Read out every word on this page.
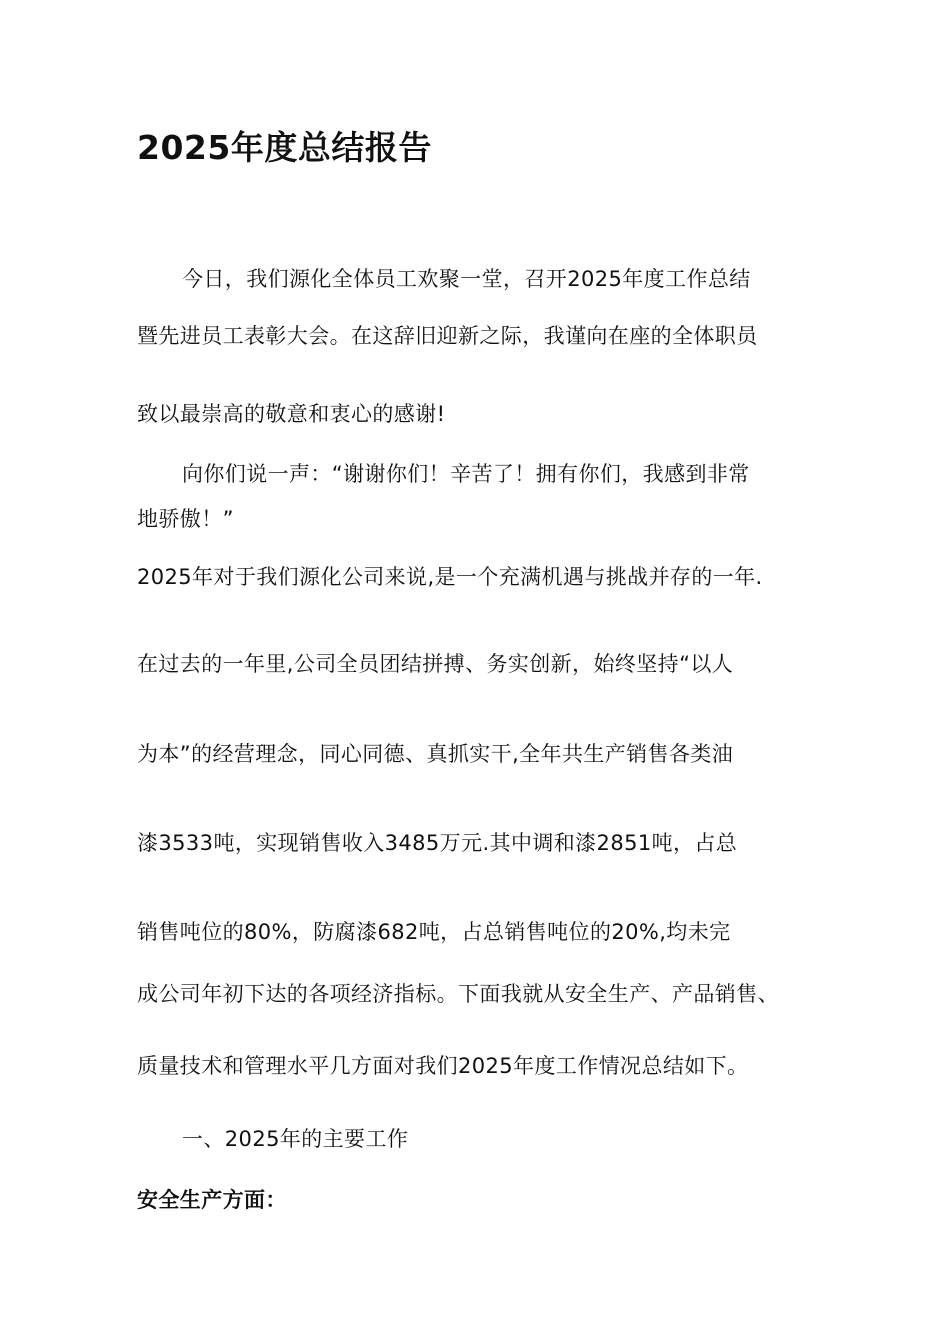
2025年度总结报告
今日，我们源化全体员工欢聚一堂，召开2025年度工作总结
暨先进员工表彰大会。在这辞旧迎新之际，我谨向在座的全体职员
致以最崇高的敬意和衷心的感谢!
向你们说一声：“谢谢你们！辛苦了！拥有你们，我感到非常
地骄傲！”
2025年对于我们源化公司来说,是一个充满机遇与挑战并存的一年.
在过去的一年里,公司全员团结拼搏、务实创新，始终坚持“以人
为本”的经营理念，同心同德、真抓实干,全年共生产销售各类油
漆3533吨，实现销售收入3485万元.其中调和漆2851吨，占总
销售吨位的80%，防腐漆682吨，占总销售吨位的20%,均未完
成公司年初下达的各项经济指标。下面我就从安全生产、产品销售、
质量技术和管理水平几方面对我们2025年度工作情况总结如下。
一、2025年的主要工作
安全生产方面：
